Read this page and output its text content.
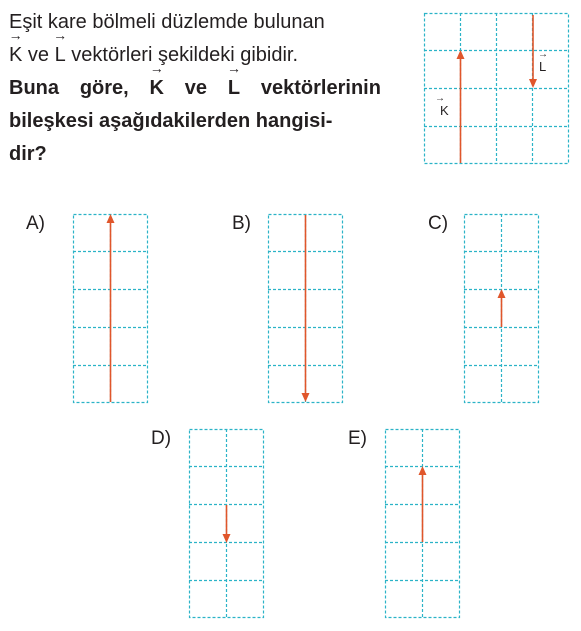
Eşit kare bölmeli düzlemde bulunan
→ K ve → L vektörleri şekildeki gibidir.
Buna göre, → K ve → L vektörlerinin
bileşkesi aşağıdakilerden hangisi-
dir?
K
→
L
→
A)	B)	C)
D)	E)
